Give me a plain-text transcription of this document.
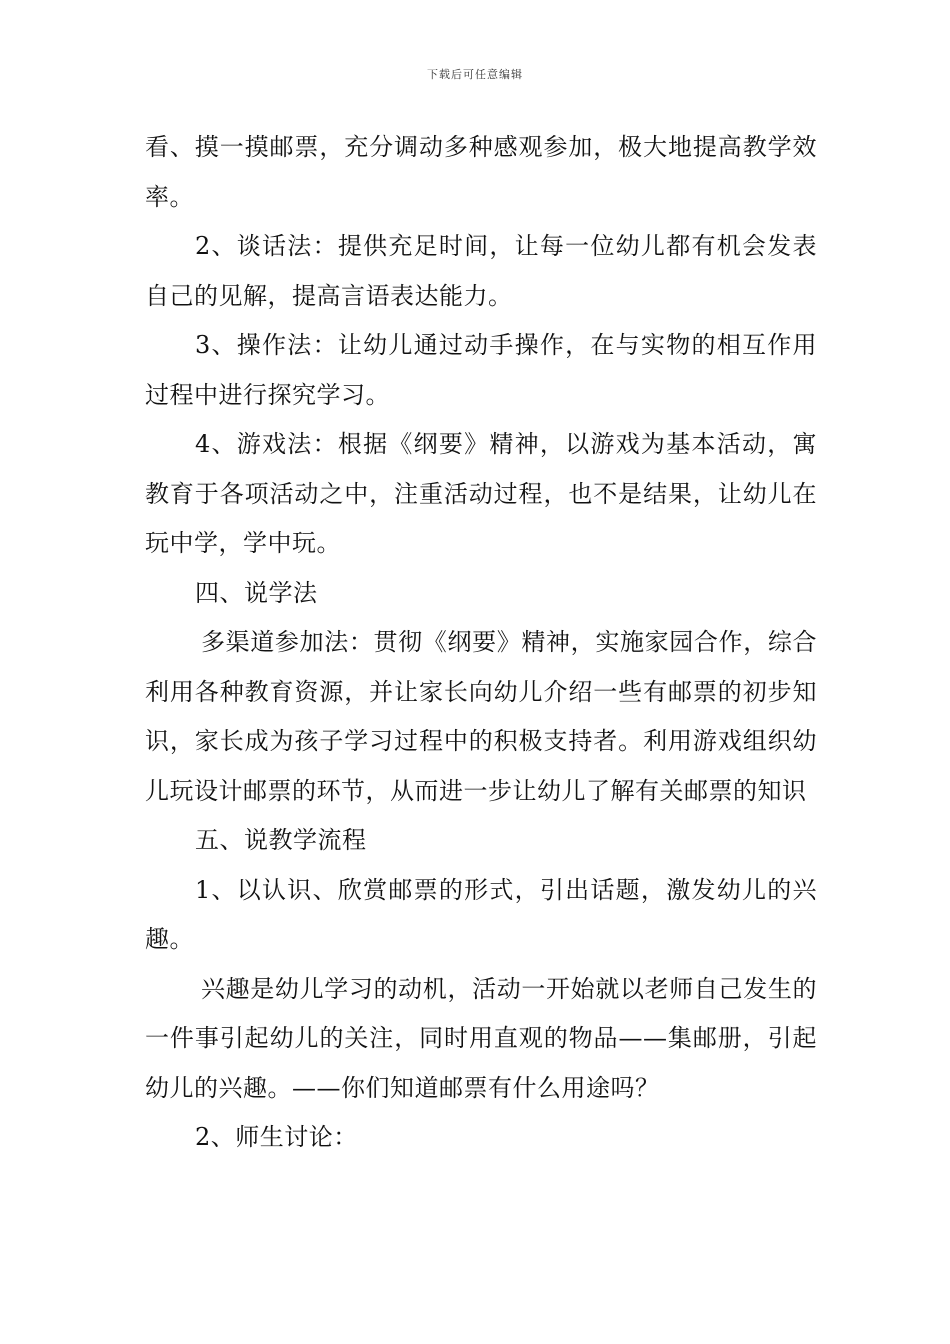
下载后可任意编辑

看、摸一摸邮票，充分调动多种感观参加，极大地提高教学效率。

2、谈话法：提供充足时间，让每一位幼儿都有机会发表自己的见解，提高言语表达能力。

3、操作法：让幼儿通过动手操作，在与实物的相互作用过程中进行探究学习。

4、游戏法：根据《纲要》精神，以游戏为基本活动，寓教育于各项活动之中，注重活动过程，也不是结果，让幼儿在玩中学，学中玩。

四、说学法

多渠道参加法：贯彻《纲要》精神，实施家园合作，综合利用各种教育资源，并让家长向幼儿介绍一些有邮票的初步知识，家长成为孩子学习过程中的积极支持者。利用游戏组织幼儿玩设计邮票的环节，从而进一步让幼儿了解有关邮票的知识

五、说教学流程

1、以认识、欣赏邮票的形式，引出话题，激发幼儿的兴趣。

兴趣是幼儿学习的动机，活动一开始就以老师自己发生的一件事引起幼儿的关注，同时用直观的物品——集邮册，引起幼儿的兴趣。——你们知道邮票有什么用途吗？

2、师生讨论：
